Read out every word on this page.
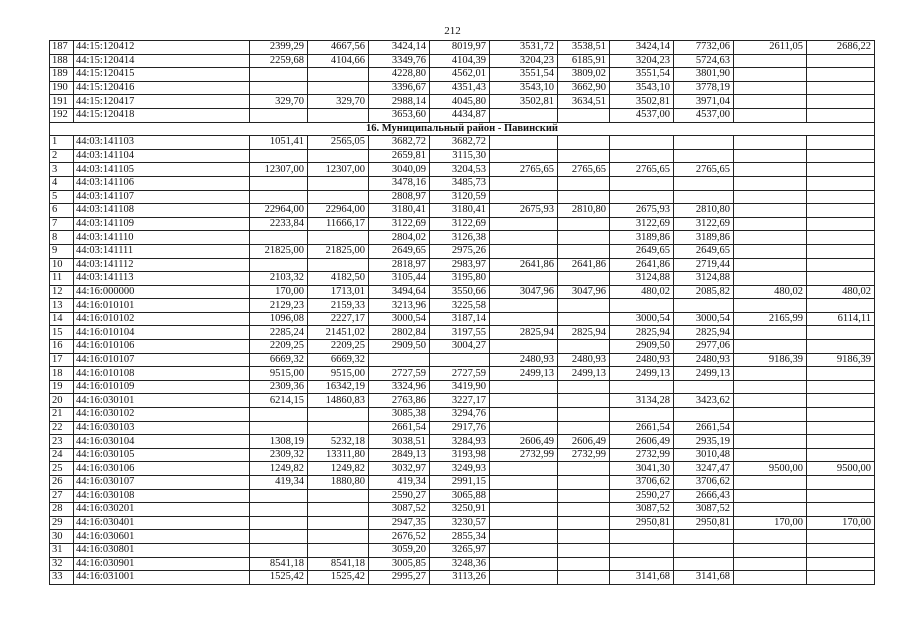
212
187	44:15:120412	2399,29	4667,56	3424,14	8019,97	3531,72	3538,51	3424,14	7732,06	2611,05	2686,22
188	44:15:120414	2259,68	4104,66	3349,76	4104,39	3204,23	6185,91	3204,23	5724,63		
189	44:15:120415			4228,80	4562,01	3551,54	3809,02	3551,54	3801,90		
190	44:15:120416			3396,67	4351,43	3543,10	3662,90	3543,10	3778,19		
191	44:15:120417	329,70	329,70	2988,14	4045,80	3502,81	3634,51	3502,81	3971,04		
192	44:15:120418			3653,60	4434,87			4537,00	4537,00		
16. Муниципальный район - Павинский											
1	44:03:141103	1051,41	2565,05	3682,72	3682,72						
2	44:03:141104			2659,81	3115,30						
3	44:03:141105	12307,00	12307,00	3040,09	3204,53	2765,65	2765,65	2765,65	2765,65		
4	44:03:141106			3478,16	3485,73						
5	44:03:141107			2808,97	3120,59						
6	44:03:141108	22964,00	22964,00	3180,41	3180,41	2675,93	2810,80	2675,93	2810,80		
7	44:03:141109	2233,84	11666,17	3122,69	3122,69			3122,69	3122,69		
8	44:03:141110			2804,02	3126,38			3189,86	3189,86		
9	44:03:141111	21825,00	21825,00	2649,65	2975,26			2649,65	2649,65		
10	44:03:141112			2818,97	2983,97	2641,86	2641,86	2641,86	2719,44		
11	44:03:141113	2103,32	4182,50	3105,44	3195,80			3124,88	3124,88		
12	44:16:000000	170,00	1713,01	3494,64	3550,66	3047,96	3047,96	480,02	2085,82	480,02	480,02
13	44:16:010101	2129,23	2159,33	3213,96	3225,58						
14	44:16:010102	1096,08	2227,17	3000,54	3187,14			3000,54	3000,54	2165,99	6114,11
15	44:16:010104	2285,24	21451,02	2802,84	3197,55	2825,94	2825,94	2825,94	2825,94		
16	44:16:010106	2209,25	2209,25	2909,50	3004,27			2909,50	2977,06		
17	44:16:010107	6669,32	6669,32			2480,93	2480,93	2480,93	2480,93	9186,39	9186,39
18	44:16:010108	9515,00	9515,00	2727,59	2727,59	2499,13	2499,13	2499,13	2499,13		
19	44:16:010109	2309,36	16342,19	3324,96	3419,90						
20	44:16:030101	6214,15	14860,83	2763,86	3227,17			3134,28	3423,62		
21	44:16:030102			3085,38	3294,76						
22	44:16:030103			2661,54	2917,76			2661,54	2661,54		
23	44:16:030104	1308,19	5232,18	3038,51	3284,93	2606,49	2606,49	2606,49	2935,19		
24	44:16:030105	2309,32	13311,80	2849,13	3193,98	2732,99	2732,99	2732,99	3010,48		
25	44:16:030106	1249,82	1249,82	3032,97	3249,93			3041,30	3247,47	9500,00	9500,00
26	44:16:030107	419,34	1880,80	419,34	2991,15			3706,62	3706,62		
27	44:16:030108			2590,27	3065,88			2590,27	2666,43		
28	44:16:030201			3087,52	3250,91			3087,52	3087,52		
29	44:16:030401			2947,35	3230,57			2950,81	2950,81	170,00	170,00
30	44:16:030601			2676,52	2855,34						
31	44:16:030801			3059,20	3265,97						
32	44:16:030901	8541,18	8541,18	3005,85	3248,36						
33	44:16:031001	1525,42	1525,42	2995,27	3113,26			3141,68	3141,68		
